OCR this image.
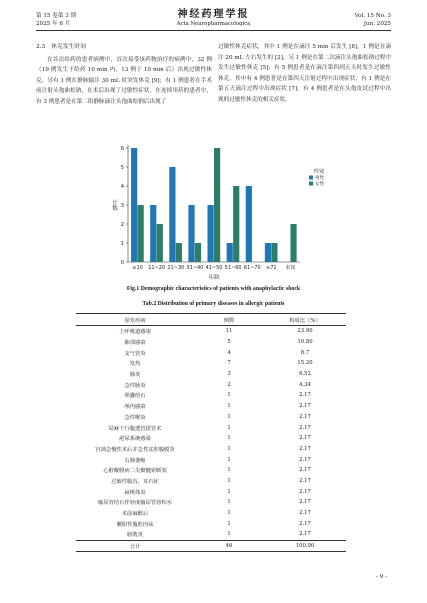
第 15 卷第 3 期
2025 年 6 月
神经药理学报
Acta Neuropharmacologica
Vol. 15 No. 3
Jun. 2025
2.3 休克发生时间
在首次给药的患者病例中，首次接受该药物治疗的病例中，32 例（19 例发生于给药 10 min 内，13 例于 10 min 后）出现过敏性休克，另有 1 例在静脉输注 30 mL 时突发休克 [9]；有 1 例患者在手术前注射头孢曲松钠，在术后出现了过敏性症状。在连续用药的患者中，有 3 例患者是在第二组静脉滴注头孢曲松钠后出现了
过敏性休克症状，其中 1 例是在滴注 5 min 后发生 [8]，1 例是在滴注 20 mL 左右发生的 [2]，另 1 例是在第二次滴注头孢曲松钠过程中发生过敏性休克 [5]；有 5 例患者是在滴注第四到五天时发生过敏性休克，其中有 4 例患者是在第四天注射过程中出现症状，有 1 例是在第五天滴注过程中出现症状 [7]。有 4 例患者是在头孢皮试过程中出现的过敏性休克的相关症状。
0
1
2
3
4
5
6
计数
≤10 11~20 21~30 31~40 41~50 51~60 61~70 ≥71 未知
年龄
性别
男性
女性
Fig.1 Demographic characteristics of patients with anaphylactic shock
Tab.2 Distribution of primary diseases in allergic patients
原发疾病	例数	构成比（%）
上呼吸道感染	11	23.90
肺部感染	5	10.80
支气管炎	4	8.7
发热	7	15.20
肺炎	3	6.52
急性肠炎	2	4.34
胆囊结石	1	2.17
颅内感染	1	2.17
急性喉炎	1	2.17
局麻下行腹透管拔管术	1	2.17
泌尿系统感染	1	2.17
宫颈急慢性术后并急性盆腔腹膜炎	1	2.17
右肺萎缩	1	2.17
心脏瓣膜病二尖瓣腱索断裂	1	2.17
过敏性腹泻，耳石症	1	2.17
扁桃体炎	1	2.17
输尿管结石伴轻度输尿管肾积水	1	2.17
术前麻醉后	1	2.17
腰阳性腹腔内疝	1	2.17
膀胱炎	1	2.17
合计	46	100.00
- 9 -
